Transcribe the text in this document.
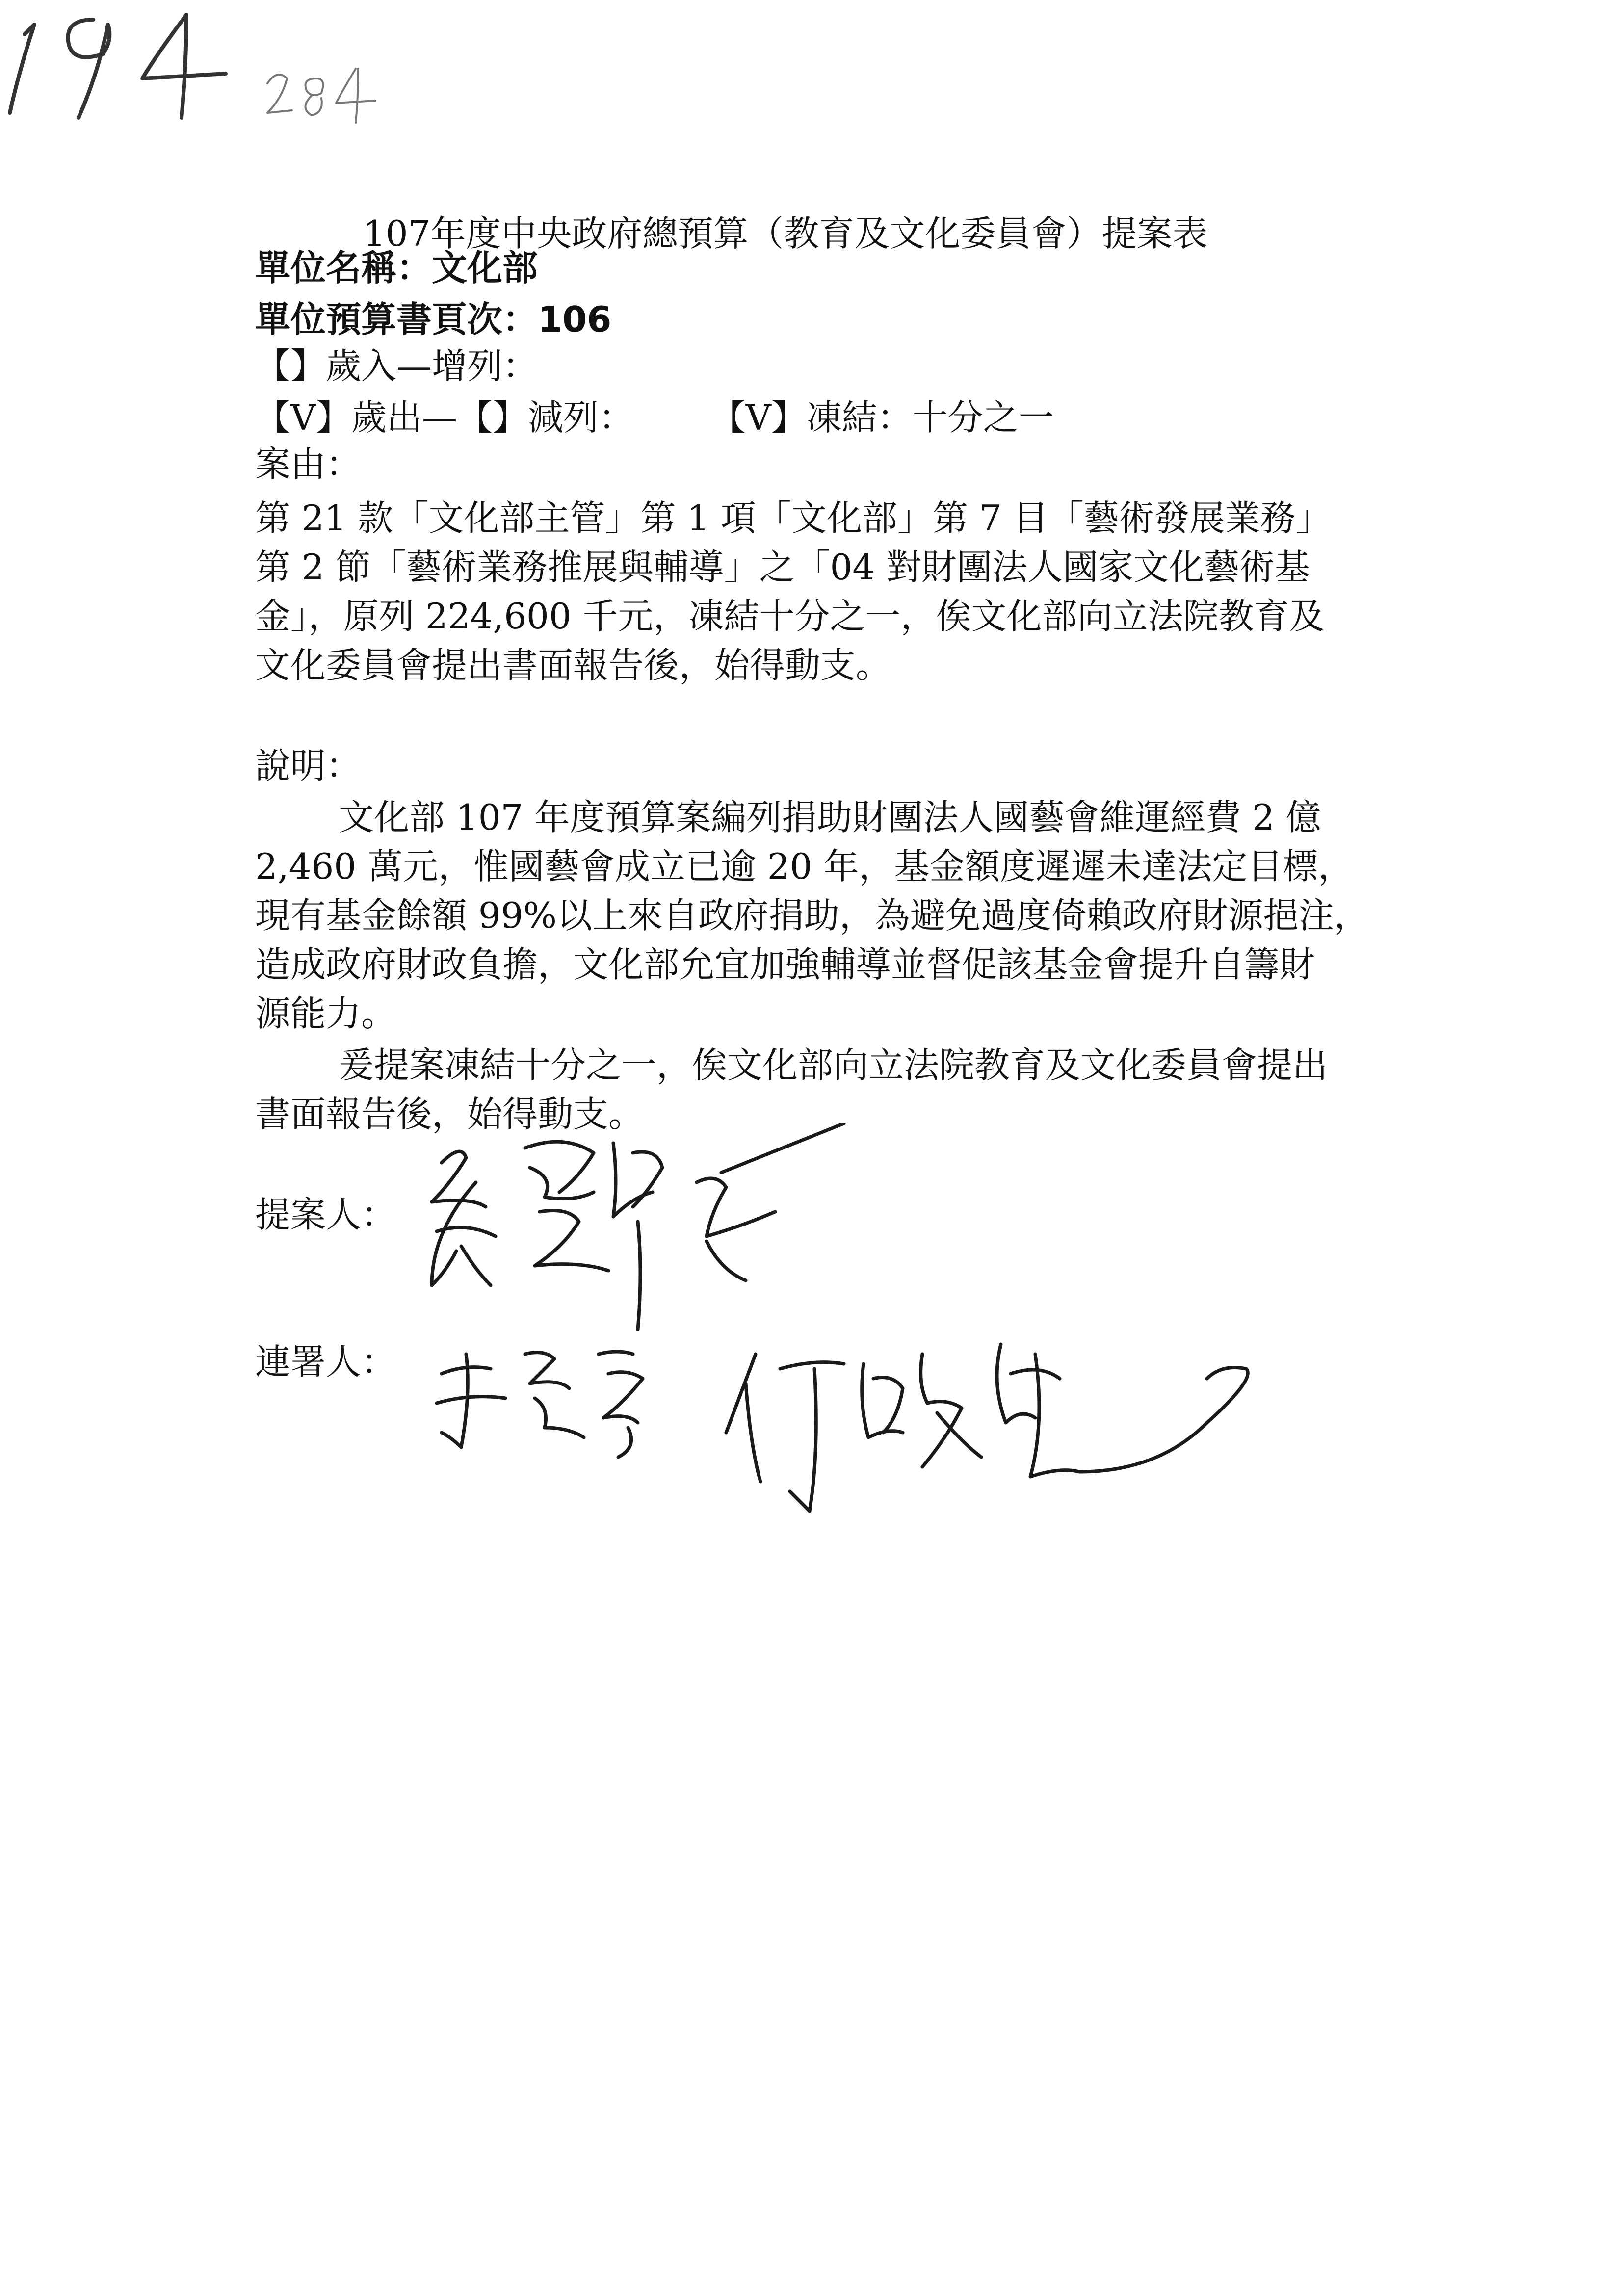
107年度中央政府總預算（教育及文化委員會）提案表
單位名稱：文化部
單位預算書頁次：106
【】歲入—增列：
【V】歲出—【】減列： 【V】凍結：十分之一
案由：
第 21 款「文化部主管」第 1 項「文化部」第 7 目「藝術發展業務」
第 2 節「藝術業務推展與輔導」之「04 對財團法人國家文化藝術基
金」，原列 224,600 千元，凍結十分之一，俟文化部向立法院教育及
文化委員會提出書面報告後，始得動支。
說明：
文化部 107 年度預算案編列捐助財團法人國藝會維運經費 2 億
2,460 萬元，惟國藝會成立已逾 20 年，基金額度遲遲未達法定目標，
現有基金餘額 99%以上來自政府捐助，為避免過度倚賴政府財源挹注，
造成政府財政負擔，文化部允宜加強輔導並督促該基金會提升自籌財
源能力。
爰提案凍結十分之一，俟文化部向立法院教育及文化委員會提出
書面報告後，始得動支。
提案人：
連署人：
